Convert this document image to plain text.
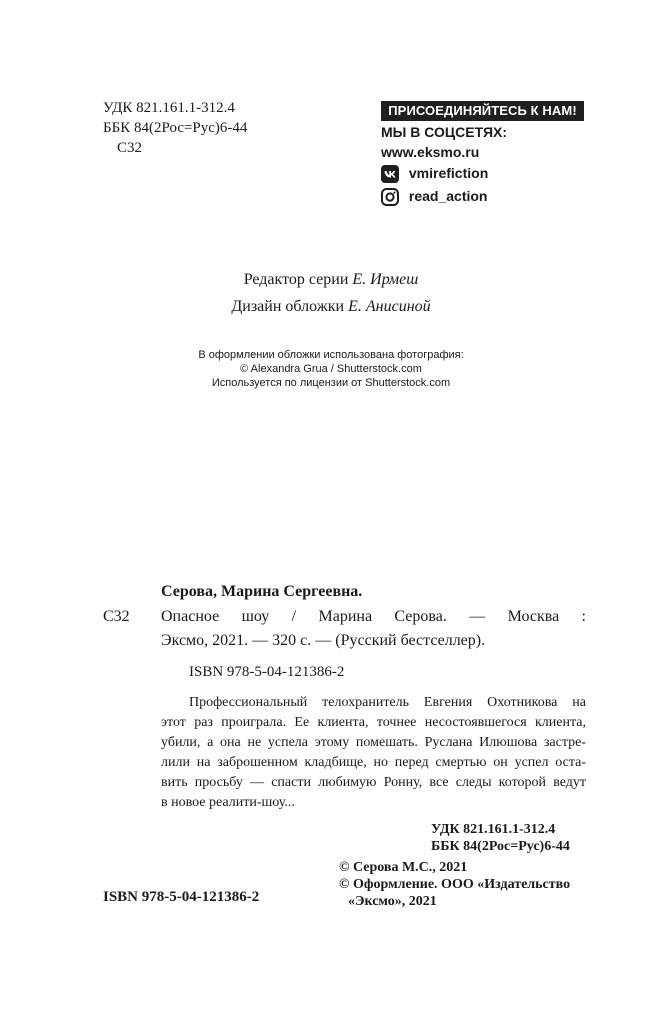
УДК 821.161.1-312.4
ББК 84(2Рос=Рус)6-44
С32
ПРИСОЕДИНЯЙТЕСЬ К НАМ!
МЫ В СОЦСЕТЯХ:
www.eksmo.ru
vmirefiction
read_action
Редактор серии Е. Ирмеш
Дизайн обложки Е. Анисиной
В оформлении обложки использована фотография:
© Alexandra Grua / Shutterstock.com
Используется по лицензии от Shutterstock.com
Серова, Марина Сергеевна.
С32 Опасное шоу / Марина Серова. — Москва :
Эксмо, 2021. — 320 с. — (Русский бестселлер).
ISBN 978-5-04-121386-2
Профессиональный телохранитель Евгения Охотникова на
этот раз проиграла. Ее клиента, точнее несостоявшегося клиента,
убили, а она не успела этому помешать. Руслана Илюшова застре-
лили на заброшенном кладбище, но перед смертью он успел оста-
вить просьбу — спасти любимую Ронну, все следы которой ведут
в новое реалити-шоу...
УДК 821.161.1-312.4
ББК 84(2Рос=Рус)6-44
ISBN 978-5-04-121386-2
© Серова М.С., 2021
© Оформление. ООО «Издательство
«Эксмо», 2021
